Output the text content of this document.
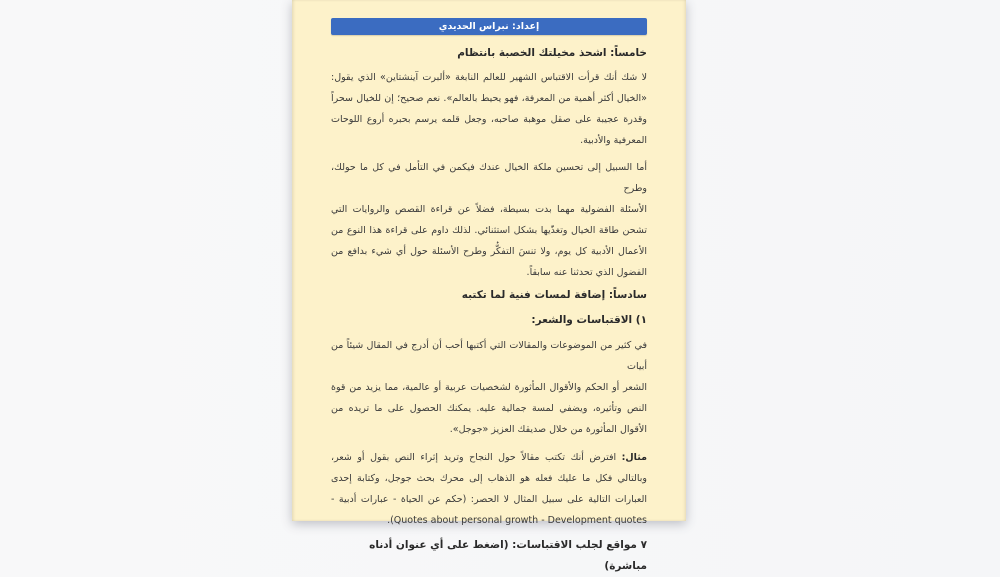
إعداد: نبراس الحديدي
خامساً: اشحذ مخيلتك الخصبة بانتظام
لا شك أنك قرأت الاقتباس الشهير للعالم النابغة «ألبرت آينشتاين» الذي يقول:
«الخيال أكثر أهمية من المعرفة، فهو يحيط بالعالم». نعم صحيح؛ إن للخيال سحراً
وقدرة عجيبة على صقل موهبة صاحبه، وجعل قلمه يرسم بحبره أروع اللوحات
المعرفية والأدبية.
أما السبيل إلى تحسين ملكة الخيال عندك فيكمن في التأمل في كل ما حولك، وطرح
الأسئلة الفضولية مهما بدت بسيطة، فضلاً عن قراءة القصص والروايات التي
تشحن طاقة الخيال وتغذّيها بشكل استثنائي. لذلك داوم على قراءة هذا النوع من
الأعمال الأدبية كل يوم، ولا تنسَ التفكُّر وطرح الأسئلة حول أي شيء بدافع من
الفضول الذي تحدثنا عنه سابقاً.
سادساً: إضافة لمسات فنية لما تكتبه
١) الاقتباسات والشعر:
في كثير من الموضوعات والمقالات التي أكتبها أحب أن أدرج في المقال شيئاً من أبيات
الشعر أو الحكم والأقوال المأثورة لشخصيات عربية أو عالمية، مما يزيد من قوة
النص وتأثيره، ويضفي لمسة جمالية عليه. يمكنك الحصول على ما تريده من
الأقوال المأثورة من خلال صديقك العزيز «جوجل».
مثال: افترض أنك تكتب مقالاً حول النجاح وتريد إثراء النص بقول أو شعر،
وبالتالي فكل ما عليك فعله هو الذهاب إلى محرك بحث جوجل، وكتابة إحدى
العبارات التالية على سبيل المثال لا الحصر: (حكم عن الحياة - عبارات أدبية -
Quotes about personal growth - Development quotes).
٧ مواقع لجلب الاقتباسات: (اضغط على أي عنوان أدناه مباشرة)
